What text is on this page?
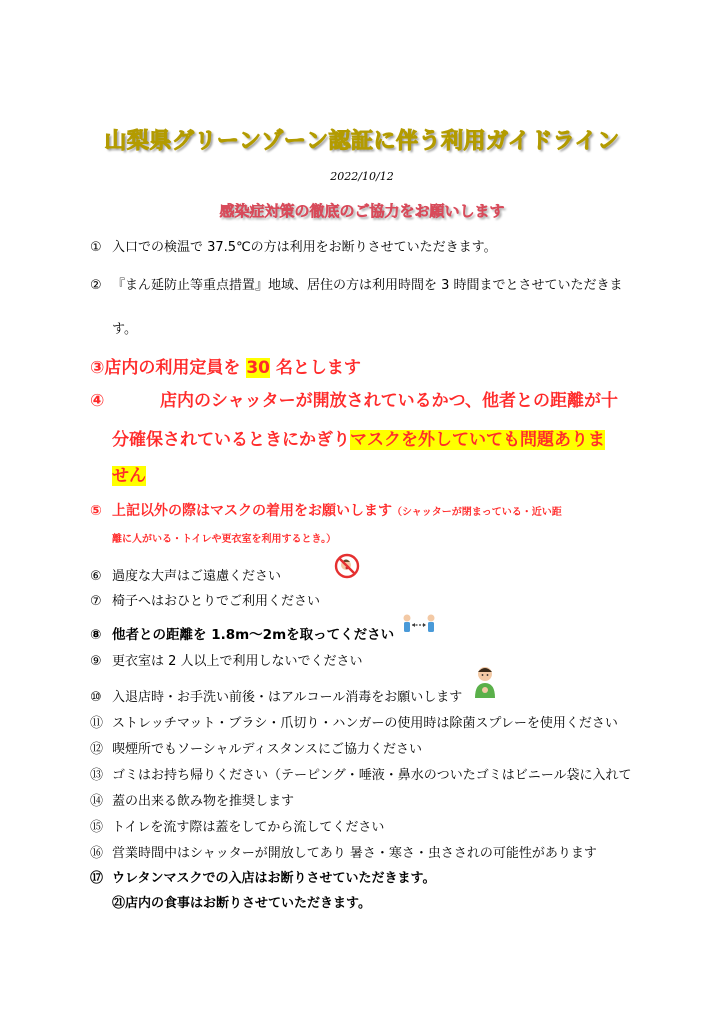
山梨県グリーンゾーン認証に伴う利用ガイドライン
2022/10/12
感染症対策の徹底のご協力をお願いします
① 入口での検温で 37.5℃の方は利用をお断りさせていただきます。
② 『まん延防止等重点措置』地域、居住の方は利用時間を 3 時間までとさせていただきま
す。
③店内の利用定員を 30 名とします
④	店内のシャッターが開放されているかつ、他者との距離が十
分確保されているときにかぎりマスクを外していても問題ありま
せん
⑤ 上記以外の際はマスクの着用をお願いします（シャッターが閉まっている・近い距
離に人がいる・トイレや更衣室を利用するとき。）
⑥ 過度な大声はご遠慮ください
⑦ 椅子へはおひとりでご利用ください
⑧ 他者との距離を 1.8m～2mを取ってください
⑨ 更衣室は 2 人以上で利用しないでください
⑩ 入退店時・お手洗い前後・はアルコール消毒をお願いします
⑪ ストレッチマット・ブラシ・爪切り・ハンガーの使用時は除菌スプレーを使用ください
⑫ 喫煙所でもソーシャルディスタンスにご協力ください
⑬ ゴミはお持ち帰りください（テーピング・唾液・鼻水のついたゴミはビニール袋に入れて
⑭ 蓋の出来る飲み物を推奨します
⑮ トイレを流す際は蓋をしてから流してください
⑯ 営業時間中はシャッターが開放してあり 暑さ・寒さ・虫さされの可能性があります
⑰ ウレタンマスクでの入店はお断りさせていただきます。
㉑店内の食事はお断りさせていただきます。
